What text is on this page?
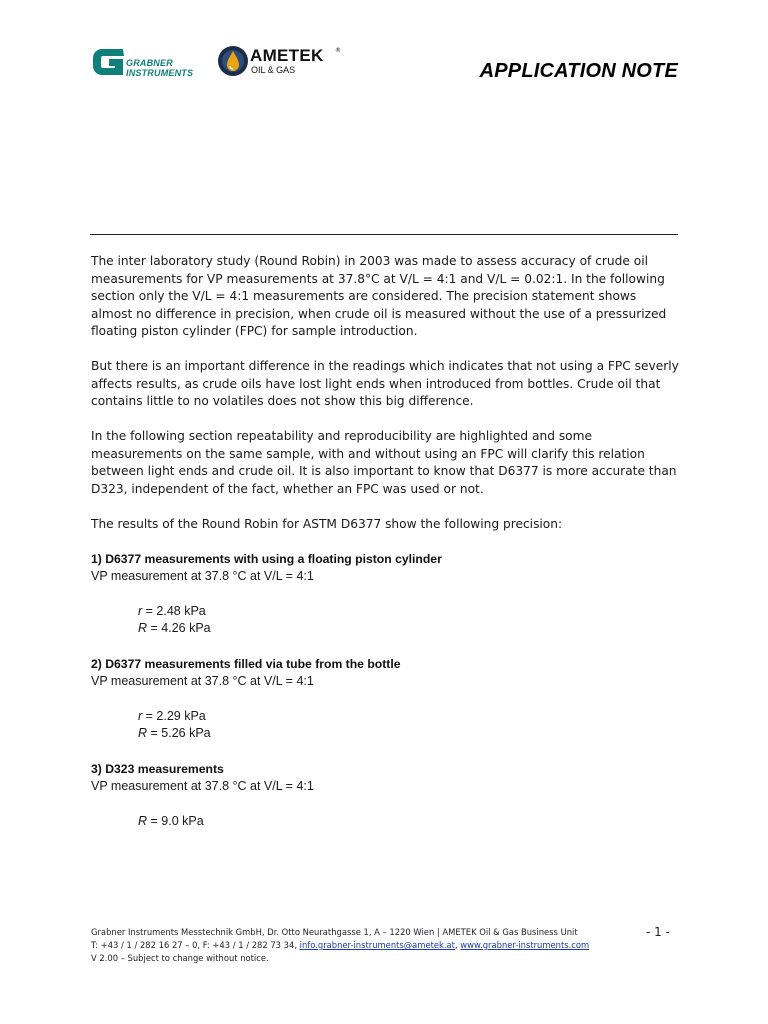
GRABNER
INSTRUMENTS
AMETEK ®
OIL & GAS	APPLICATION NOTE

The inter laboratory study (Round Robin) in 2003 was made to assess accuracy of crude oil measurements for VP measurements at 37.8°C at V/L = 4:1 and V/L = 0.02:1. In the following section only the V/L = 4:1 measurements are considered. The precision statement shows almost no difference in precision, when crude oil is measured without the use of a pressurized floating piston cylinder (FPC) for sample introduction.

But there is an important difference in the readings which indicates that not using a FPC severly affects results, as crude oils have lost light ends when introduced from bottles. Crude oil that contains little to no volatiles does not show this big difference.

In the following section repeatability and reproducibility are highlighted and some measurements on the same sample, with and without using an FPC will clarify this relation between light ends and crude oil. It is also important to know that D6377 is more accurate than D323, independent of the fact, whether an FPC was used or not.

The results of the Round Robin for ASTM D6377 show the following precision:

1) D6377 measurements with using a floating piston cylinder
VP measurement at 37.8 °C at V/L = 4:1
r = 2.48 kPa
R = 4.26 kPa
2) D6377 measurements filled via tube from the bottle
VP measurement at 37.8 °C at V/L = 4:1
r = 2.29 kPa
R = 5.26 kPa
3) D323 measurements
VP measurement at 37.8 °C at V/L = 4:1
R = 9.0 kPa
Grabner Instruments Messtechnik GmbH, Dr. Otto Neurathgasse 1, A – 1220 Wien | AMETEK Oil & Gas Business Unit
T: +43 / 1 / 282 16 27 – 0, F: +43 / 1 / 282 73 34, info.grabner-instruments@ametek.at, www.grabner-instruments.com
V 2.00 – Subject to change without notice.
- 1 -
